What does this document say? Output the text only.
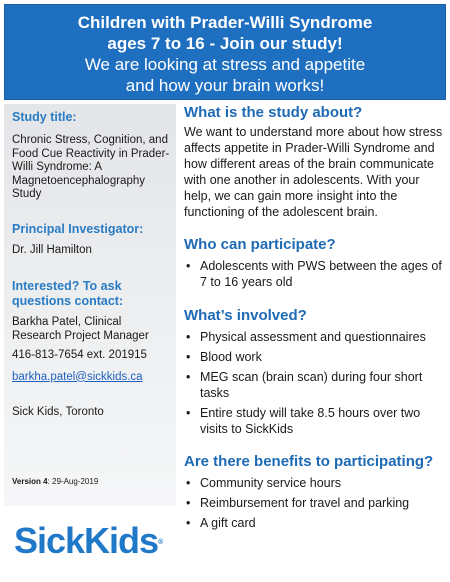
Children with Prader-Willi Syndrome
ages 7 to 16 - Join our study!
We are looking at stress and appetite
and how your brain works!
Study title:
Chronic Stress, Cognition, and Food Cue Reactivity in Prader-Willi Syndrome: A Magnetoencephalography Study
Principal Investigator:
Dr. Jill Hamilton
Interested? To ask questions contact:
Barkha Patel, Clinical Research Project Manager
416-813-7654 ext. 201915
barkha.patel@sickkids.ca
Sick Kids, Toronto
Version 4: 29-Aug-2019
SickKids®
What is the study about?
We want to understand more about how stress affects appetite in Prader-Willi Syndrome and how different areas of the brain communicate with one another in adolescents. With your help, we can gain more insight into the functioning of the adolescent brain.
Who can participate?
• Adolescents with PWS between the ages of 7 to 16 years old
What’s involved?
• Physical assessment and questionnaires
• Blood work
• MEG scan (brain scan) during four short tasks
• Entire study will take 8.5 hours over two visits to SickKids
Are there benefits to participating?
• Community service hours
• Reimbursement for travel and parking
• A gift card
